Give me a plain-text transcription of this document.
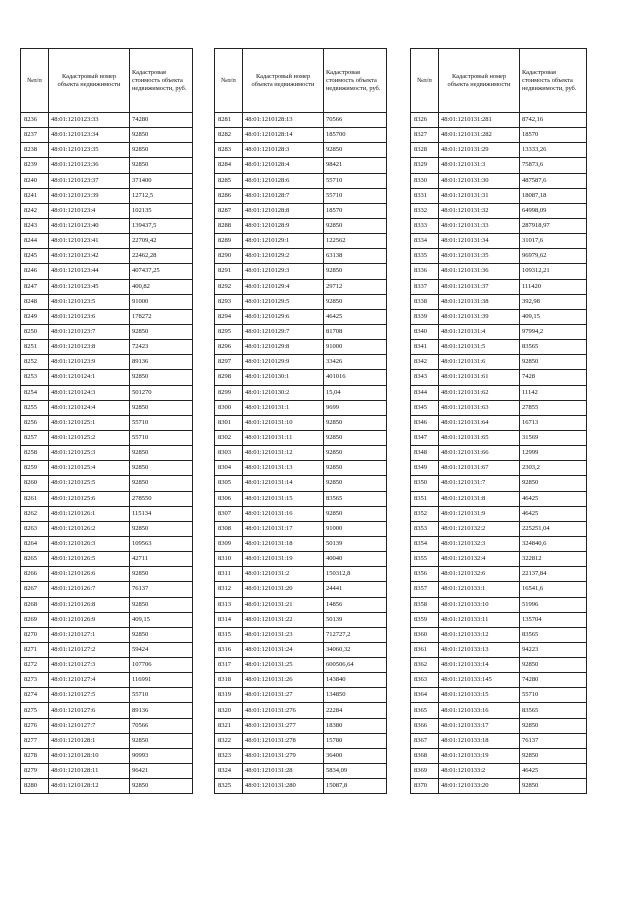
№п/п	Кадастровый номер объекта недвижимости	Кадастровая стоимость объекта недвижимости, руб.
8236	48:01:1210123:33	74280
8237	48:01:1210123:34	92850
8238	48:01:1210123:35	92850
8239	48:01:1210123:36	92850
8240	48:01:1210123:37	371400
8241	48:01:1210123:39	12712,5
8242	48:01:1210123:4	102135
8243	48:01:1210123:40	139437,5
8244	48:01:1210123:41	22709,42
8245	48:01:1210123:42	22462,28
8246	48:01:1210123:44	407437,25
8247	48:01:1210123:45	400,82
8248	48:01:1210123:5	91000
8249	48:01:1210123:6	178272
8250	48:01:1210123:7	92850
8251	48:01:1210123:8	72423
8252	48:01:1210123:9	89136
8253	48:01:1210124:1	92850
8254	48:01:1210124:3	501270
8255	48:01:1210124:4	92850
8256	48:01:1210125:1	55710
8257	48:01:1210125:2	55710
8258	48:01:1210125:3	92850
8259	48:01:1210125:4	92850
8260	48:01:1210125:5	92850
8261	48:01:1210125:6	278550
8262	48:01:1210126:1	115134
8263	48:01:1210126:2	92850
8264	48:01:1210126:3	109563
8265	48:01:1210126:5	42711
8266	48:01:1210126:6	92850
8267	48:01:1210126:7	76137
8268	48:01:1210126:8	92850
8269	48:01:1210126:9	409,15
8270	48:01:1210127:1	92850
8271	48:01:1210127:2	59424
8272	48:01:1210127:3	107706
8273	48:01:1210127:4	116991
8274	48:01:1210127:5	55710
8275	48:01:1210127:6	89136
8276	48:01:1210127:7	70566
8277	48:01:1210128:1	92850
8278	48:01:1210128:10	90993
8279	48:01:1210128:11	96421
8280	48:01:1210128:12	92850
№п/п	Кадастровый номер объекта недвижимости	Кадастровая стоимость объекта недвижимости, руб.
8281	48:01:1210128:13	70566
8282	48:01:1210128:14	185700
8283	48:01:1210128:3	92850
8284	48:01:1210128:4	98421
8285	48:01:1210128:6	55710
8286	48:01:1210128:7	55710
8287	48:01:1210128:8	18570
8288	48:01:1210128:9	92850
8289	48:01:1210129:1	122562
8290	48:01:1210129:2	63138
8291	48:01:1210129:3	92850
8292	48:01:1210129:4	29712
8293	48:01:1210129:5	92850
8294	48:01:1210129:6	46425
8295	48:01:1210129:7	81708
8296	48:01:1210129:8	91000
8297	48:01:1210129:9	33426
8298	48:01:1210130:1	401016
8299	48:01:1210130:2	15,04
8300	48:01:1210131:1	9699
8301	48:01:1210131:10	92850
8302	48:01:1210131:11	92850
8303	48:01:1210131:12	92850
8304	48:01:1210131:13	92850
8305	48:01:1210131:14	92850
8306	48:01:1210131:15	83565
8307	48:01:1210131:16	92850
8308	48:01:1210131:17	91000
8309	48:01:1210131:18	50139
8310	48:01:1210131:19	40040
8311	48:01:1210131:2	150312,8
8312	48:01:1210131:20	24441
8313	48:01:1210131:21	14856
8314	48:01:1210131:22	50139
8315	48:01:1210131:23	712727,2
8316	48:01:1210131:24	34060,32
8317	48:01:1210131:25	600506,64
8318	48:01:1210131:26	143840
8319	48:01:1210131:27	134850
8320	48:01:1210131:276	22284
8321	48:01:1210131:277	18380
8322	48:01:1210131:278	15780
8323	48:01:1210131:279	36400
8324	48:01:1210131:28	5834,09
8325	48:01:1210131:280	15087,8
№п/п	Кадастровый номер объекта недвижимости	Кадастровая стоимость объекта недвижимости, руб.
8326	48:01:1210131:281	8742,16
8327	48:01:1210131:282	18570
8328	48:01:1210131:29	13333,26
8329	48:01:1210131:3	75873,6
8330	48:01:1210131:30	487587,6
8331	48:01:1210131:31	18087,18
8332	48:01:1210131:32	64998,09
8333	48:01:1210131:33	287918,97
8334	48:01:1210131:34	31017,6
8335	48:01:1210131:35	96979,62
8336	48:01:1210131:36	109312,21
8337	48:01:1210131:37	111420
8338	48:01:1210131:38	392,98
8339	48:01:1210131:39	409,15
8340	48:01:1210131:4	97994,2
8341	48:01:1210131:5	83565
8342	48:01:1210131:6	92850
8343	48:01:1210131:61	7428
8344	48:01:1210131:62	11142
8345	48:01:1210131:63	27855
8346	48:01:1210131:64	16713
8347	48:01:1210131:65	31569
8348	48:01:1210131:66	12999
8349	48:01:1210131:67	2303,2
8350	48:01:1210131:7	92850
8351	48:01:1210131:8	46425
8352	48:01:1210131:9	46425
8353	48:01:1210132:2	225251,04
8354	48:01:1210132:3	324840,6
8355	48:01:1210132:4	322812
8356	48:01:1210132:6	22137,84
8357	48:01:1210133:1	16541,6
8358	48:01:1210133:10	51996
8359	48:01:1210133:11	135704
8360	48:01:1210133:12	83565
8361	48:01:1210133:13	94223
8362	48:01:1210133:14	92850
8363	48:01:1210133:145	74280
8364	48:01:1210133:15	55710
8365	48:01:1210133:16	83565
8366	48:01:1210133:17	92850
8367	48:01:1210133:18	76137
8368	48:01:1210133:19	92850
8369	48:01:1210133:2	46425
8370	48:01:1210133:20	92850
